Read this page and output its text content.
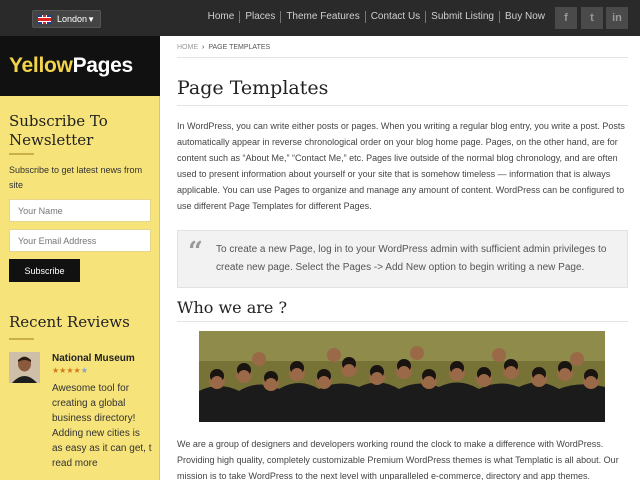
London ▼	Home	Places	Theme Features	Contact Us	Submit Listing	Buy Now	f	t	in
YellowPages
Subscribe To
Newsletter
Subscribe to get latest news from site
Your Name
Your Email Address
Subscribe
Recent Reviews
National Museum
★★★★★
Awesome tool for creating a global business directory! Adding new cities is as easy as it can get, t read more
HOME › PAGE TEMPLATES
Page Templates
In WordPress, you can write either posts or pages. When you writing a regular blog entry, you write a post. Posts automatically appear in reverse chronological order on your blog home page. Pages, on the other hand, are for content such as “About Me,” “Contact Me,” etc. Pages live outside of the normal blog chronology, and are often used to present information about yourself or your site that is somehow timeless — information that is always applicable. You can use Pages to organize and manage any amount of content. WordPress can be configured to use different Page Templates for different Pages.
“ To create a new Page, log in to your WordPress admin with sufficient admin privileges to create new page. Select the Pages -> Add New option to begin writing a new Page.
Who we are ?
We are a group of designers and developers working round the clock to make a difference with WordPress. Providing high quality, completely customizable Premium WordPress themes is what Templatic is all about. Our mission is to take WordPress to the next level with unparalleled e-commerce, directory and app themes.
